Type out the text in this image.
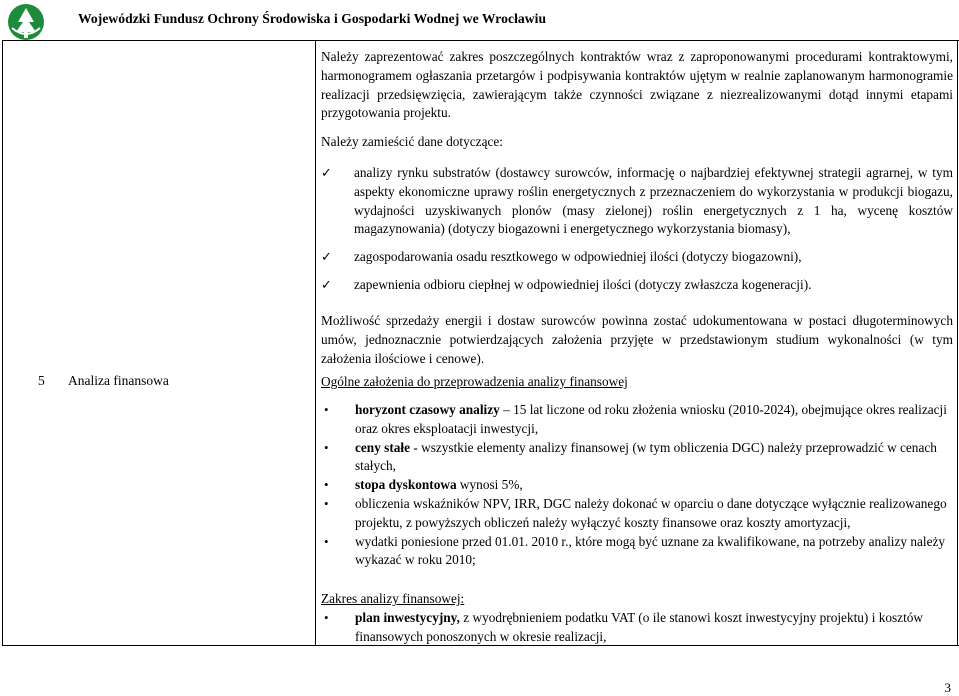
Wojewódzki Fundusz Ochrony Środowiska i Gospodarki Wodnej we Wrocławiu
Należy zaprezentować zakres poszczególnych kontraktów wraz z zaproponowanymi procedurami kontraktowymi, harmonogramem ogłaszania przetargów i podpisywania kontraktów ujętym w realnie zaplanowanym harmonogramie realizacji przedsięwzięcia, zawierającym także czynności związane z niezrealizowanymi dotąd innymi etapami przygotowania projektu.
Należy zamieścić dane dotyczące:
✓ analizy rynku substratów (dostawcy surowców, informację o najbardziej efektywnej strategii agrarnej, w tym aspekty ekonomiczne uprawy roślin energetycznych z przeznaczeniem do wykorzystania w produkcji biogazu, wydajności uzyskiwanych plonów (masy zielonej) roślin energetycznych z 1 ha, wycenę kosztów magazynowania) (dotyczy biogazowni i energetycznego wykorzystania biomasy),
✓ zagospodarowania osadu resztkowego w odpowiedniej ilości (dotyczy biogazowni),
✓ zapewnienia odbioru ciepłnej w odpowiedniej ilości (dotyczy zwłaszcza kogeneracji).
Możliwość sprzedaży energii i dostaw surowców powinna zostać udokumentowana w postaci długoterminowych umów, jednoznacznie potwierdzających założenia przyjęte w przedstawionym studium wykonalności (w tym założenia ilościowe i cenowe).
5 Analiza finansowa	Ogólne założenia do przeprowadzenia analizy finansowej
• horyzont czasowy analizy – 15 lat liczone od roku złożenia wniosku (2010-2024), obejmujące okres realizacji oraz okres eksploatacji inwestycji,
• ceny stałe - wszystkie elementy analizy finansowej (w tym obliczenia DGC) należy przeprowadzić w cenach stałych,
• stopa dyskontowa wynosi 5%,
• obliczenia wskaźników NPV, IRR, DGC należy dokonać w oparciu o dane dotyczące wyłącznie realizowanego projektu, z powyższych obliczeń należy wyłączyć koszty finansowe oraz koszty amortyzacji,
• wydatki poniesione przed 01.01. 2010 r., które mogą być uznane za kwalifikowane, na potrzeby analizy należy wykazać w roku 2010;
Zakres analizy finansowej:
• plan inwestycyjny, z wyodrębnieniem podatku VAT (o ile stanowi koszt inwestycyjny projektu) i kosztów finansowych ponoszonych w okresie realizacji,
3
